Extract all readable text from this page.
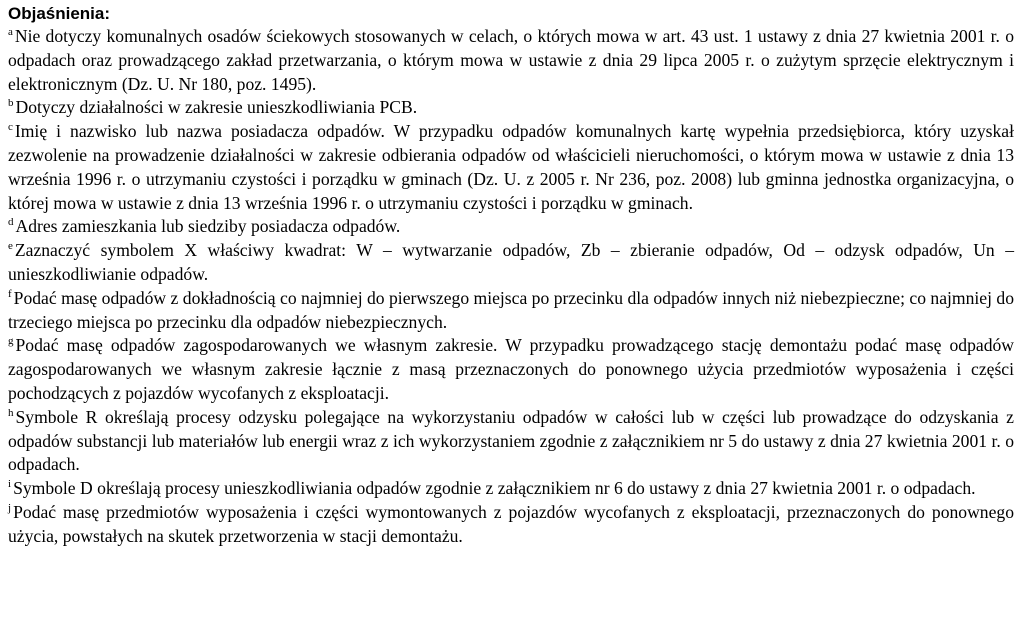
Objaśnienia:

$^a$ Nie dotyczy komunalnych osadów ściekowych stosowanych w celach, o których mowa w art. 43 ust. 1 ustawy z dnia 27 kwietnia 2001 r. o odpadach oraz prowadzącego zakład przetwarzania, o którym mowa w ustawie z dnia 29 lipca 2005 r. o zużytym sprzęcie elektrycznym i elektronicznym (Dz. U. Nr 180, poz. 1495).

$^b$ Dotyczy działalności w zakresie unieszkodliwiania PCB.

$^c$ Imię i nazwisko lub nazwa posiadacza odpadów. W przypadku odpadów komunalnych kartę wypełnia przedsiębiorca, który uzyskał zezwolenie na prowadzenie działalności w zakresie odbierania odpadów od właścicieli nieruchomości, o którym mowa w ustawie z dnia 13 września 1996 r. o utrzymaniu czystości i porządku w gminach (Dz. U. z 2005 r. Nr 236, poz. 2008) lub gminna jednostka organizacyjna, o której mowa w ustawie z dnia 13 września 1996 r. o utrzymaniu czystości i porządku w gminach.

$^d$ Adres zamieszkania lub siedziby posiadacza odpadów.

$^e$ Zaznaczyć symbolem X właściwy kwadrat: W – wytwarzanie odpadów, Zb – zbieranie odpadów, Od – odzysk odpadów, Un – unieszkodliwianie odpadów.

$^f$ Podać masę odpadów z dokładnością co najmniej do pierwszego miejsca po przecinku dla odpadów innych niż niebezpieczne; co najmniej do trzeciego miejsca po przecinku dla odpadów niebezpiecznych.

$^g$ Podać masę odpadów zagospodarowanych we własnym zakresie. W przypadku prowadzącego stację demontażu podać masę odpadów zagospodarowanych we własnym zakresie łącznie z masą przeznaczonych do ponownego użycia przedmiotów wyposażenia i części pochodzących z pojazdów wycofanych z eksploatacji.

$^h$ Symbole R określają procesy odzysku polegające na wykorzystaniu odpadów w całości lub w części lub prowadzące do odzyskania z odpadów substancji lub materiałów lub energii wraz z ich wykorzystaniem zgodnie z załącznikiem nr 5 do ustawy z dnia 27 kwietnia 2001 r. o odpadach.

$^i$ Symbole D określają procesy unieszkodliwiania odpadów zgodnie z załącznikiem nr 6 do ustawy z dnia 27 kwietnia 2001 r. o odpadach.

$^j$ Podać masę przedmiotów wyposażenia i części wymontowanych z pojazdów wycofanych z eksploatacji, przeznaczonych do ponownego użycia, powstałych na skutek przetworzenia w stacji demontażu.
